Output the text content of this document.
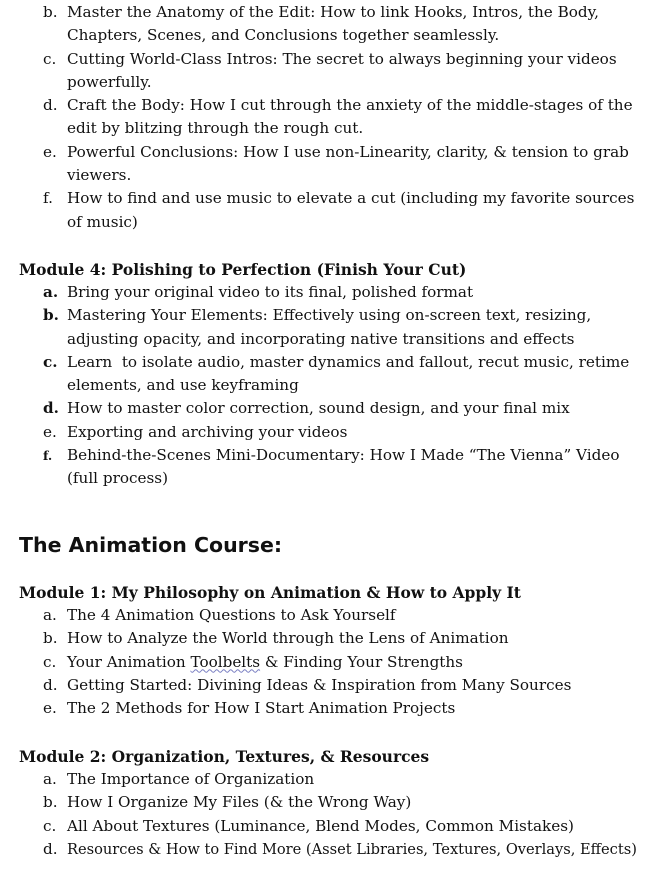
b. Master the Anatomy of the Edit: How to link Hooks, Intros, the Body, Chapters, Scenes, and Conclusions together seamlessly.
c. Cutting World-Class Intros: The secret to always beginning your videos powerfully.
d. Craft the Body: How I cut through the anxiety of the middle-stages of the edit by blitzing through the rough cut.
e. Powerful Conclusions: How I use non-Linearity, clarity, & tension to grab viewers.
f. How to find and use music to elevate a cut (including my favorite sources of music)
Module 4: Polishing to Perfection (Finish Your Cut)
a. Bring your original video to its final, polished format
b. Mastering Your Elements: Effectively using on-screen text, resizing, adjusting opacity, and incorporating native transitions and effects
c. Learn  to isolate audio, master dynamics and fallout, recut music, retime elements, and use keyframing
d. How to master color correction, sound design, and your final mix
e. Exporting and archiving your videos
f. Behind-the-Scenes Mini-Documentary: How I Made “The Vienna” Video (full process)
The Animation Course:
Module 1: My Philosophy on Animation & How to Apply It
a. The 4 Animation Questions to Ask Yourself
b. How to Analyze the World through the Lens of Animation
c. Your Animation Toolbelts & Finding Your Strengths
d. Getting Started: Divining Ideas & Inspiration from Many Sources
e. The 2 Methods for How I Start Animation Projects
Module 2: Organization, Textures, & Resources
a. The Importance of Organization
b. How I Organize My Files (& the Wrong Way)
c. All About Textures (Luminance, Blend Modes, Common Mistakes)
d. Resources & How to Find More (Asset Libraries, Textures, Overlays, Effects)
